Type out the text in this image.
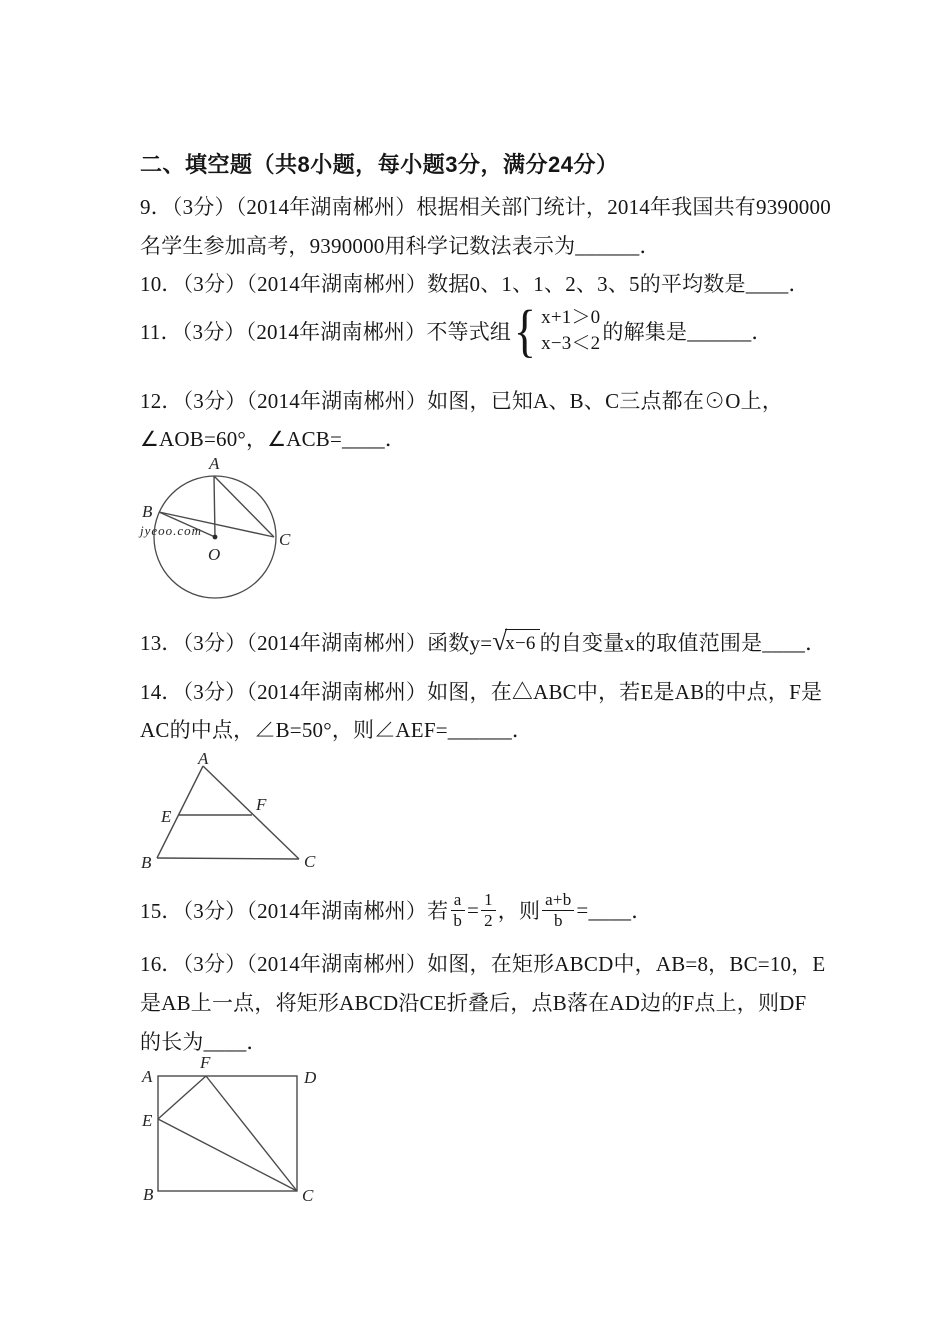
二、填空题（共8小题，每小题3分，满分24分）
9．（3分）（2014年湖南郴州）根据相关部门统计，2014年我国共有9390000
名学生参加高考，9390000用科学记数法表示为______．
10．（3分）（2014年湖南郴州）数据0、1、1、2、3、5的平均数是____．
11．（3分）（2014年湖南郴州）不等式组 { x+1＞0
x−3＜2 的解集是______．
12．（3分）（2014年湖南郴州）如图，已知A、B、C三点都在⊙O上，
∠AOB=60°，∠ACB=____．
jyeoo.com
A
B
C
O
13．（3分）（2014年湖南郴州）函数y= √
x−6 的自变量x的取值范围是____．
14．（3分）（2014年湖南郴州）如图，在△ABC中，若E是AB的中点，F是
AC的中点，∠B=50°，则∠AEF=______．
A
B	C
E
F
15．（3分）（2014年湖南郴州）若 $\frac{a}{b} = \frac{1}{2}$ ，则 $\frac{a+b}{b}$ = ____．
16．（3分）（2014年湖南郴州）如图，在矩形ABCD中，AB=8，BC=10，E
是AB上一点，将矩形ABCD沿CE折叠后，点B落在AD边的F点上，则DF
的长为____．
A
F
D
E
B	C
